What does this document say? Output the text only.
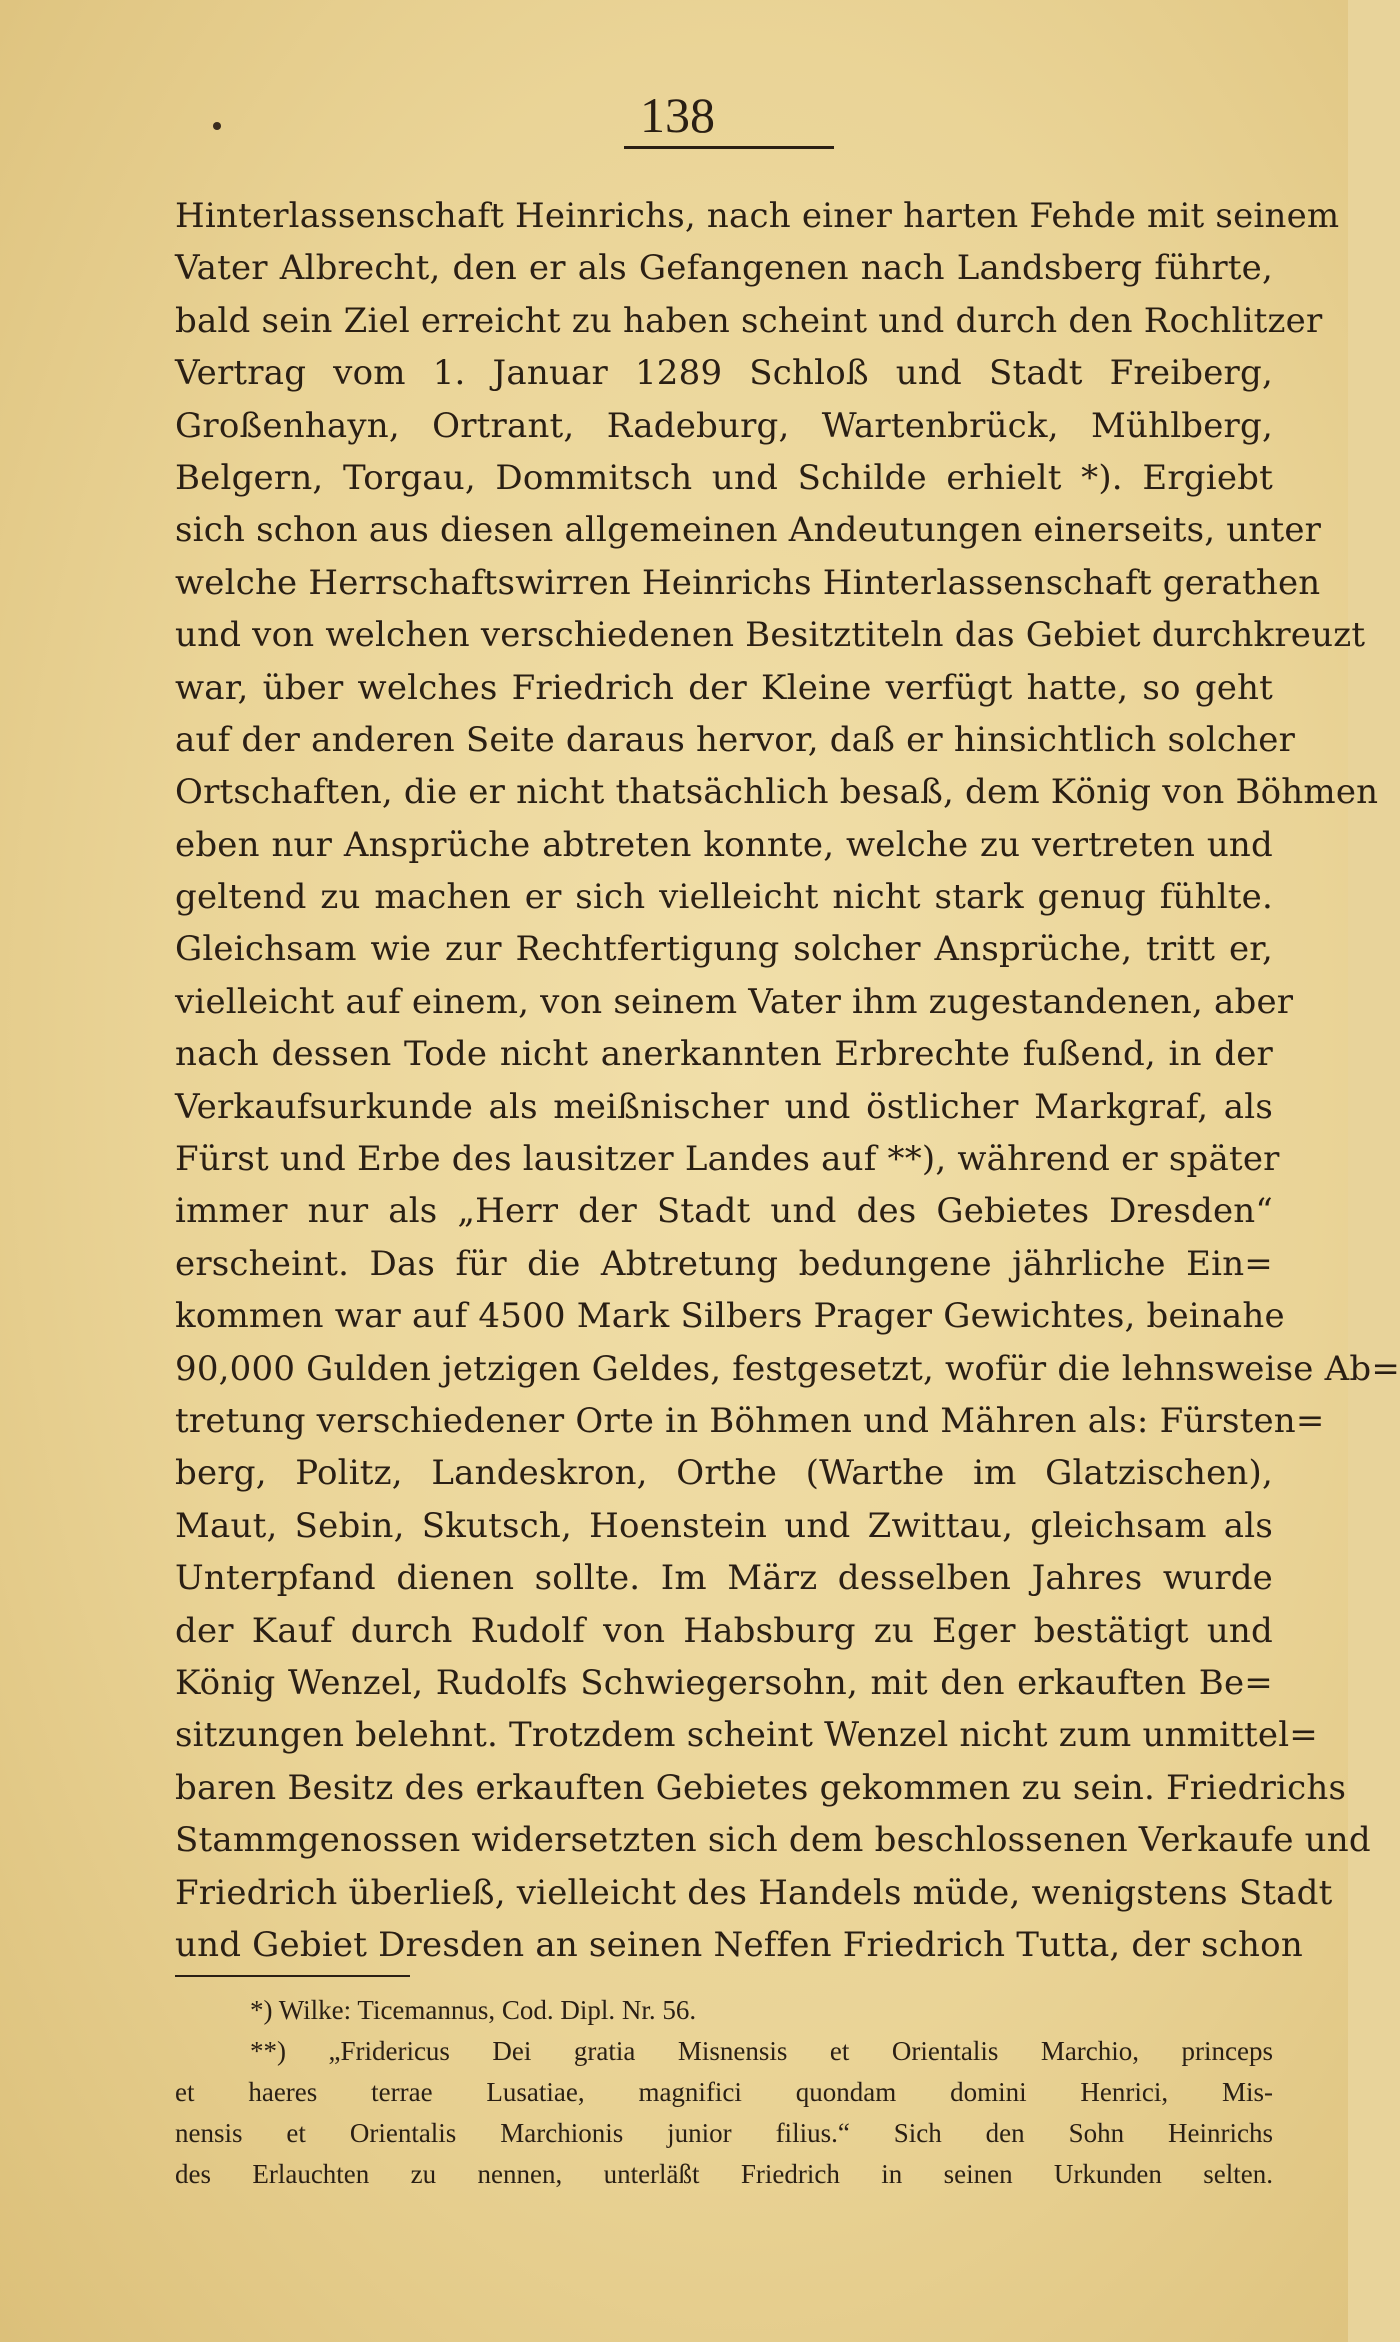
138
Hinterlassenschaft Heinrichs, nach einer harten Fehde mit seinem
Vater Albrecht, den er als Gefangenen nach Landsberg führte,
bald sein Ziel erreicht zu haben scheint und durch den Rochlitzer
Vertrag vom 1. Januar 1289 Schloß und Stadt Freiberg,
Großenhayn, Ortrant, Radeburg, Wartenbrück, Mühlberg,
Belgern, Torgau, Dommitsch und Schilde erhielt *). Ergiebt
sich schon aus diesen allgemeinen Andeutungen einerseits, unter
welche Herrschaftswirren Heinrichs Hinterlassenschaft gerathen
und von welchen verschiedenen Besitztiteln das Gebiet durchkreuzt
war, über welches Friedrich der Kleine verfügt hatte, so geht
auf der anderen Seite daraus hervor, daß er hinsichtlich solcher
Ortschaften, die er nicht thatsächlich besaß, dem König von Böhmen
eben nur Ansprüche abtreten konnte, welche zu vertreten und
geltend zu machen er sich vielleicht nicht stark genug fühlte.
Gleichsam wie zur Rechtfertigung solcher Ansprüche, tritt er,
vielleicht auf einem, von seinem Vater ihm zugestandenen, aber
nach dessen Tode nicht anerkannten Erbrechte fußend, in der
Verkaufsurkunde als meißnischer und östlicher Markgraf, als
Fürst und Erbe des lausitzer Landes auf **), während er später
immer nur als „Herr der Stadt und des Gebietes Dresden“
erscheint. Das für die Abtretung bedungene jährliche Ein=
kommen war auf 4500 Mark Silbers Prager Gewichtes, beinahe
90,000 Gulden jetzigen Geldes, festgesetzt, wofür die lehnsweise Ab=
tretung verschiedener Orte in Böhmen und Mähren als: Fürsten=
berg, Politz, Landeskron, Orthe (Warthe im Glatzischen),
Maut, Sebin, Skutsch, Hoenstein und Zwittau, gleichsam als
Unterpfand dienen sollte. Im März desselben Jahres wurde
der Kauf durch Rudolf von Habsburg zu Eger bestätigt und
König Wenzel, Rudolfs Schwiegersohn, mit den erkauften Be=
sitzungen belehnt. Trotzdem scheint Wenzel nicht zum unmittel=
baren Besitz des erkauften Gebietes gekommen zu sein. Friedrichs
Stammgenossen widersetzten sich dem beschlossenen Verkaufe und
Friedrich überließ, vielleicht des Handels müde, wenigstens Stadt
und Gebiet Dresden an seinen Neffen Friedrich Tutta, der schon
*) Wilke: Ticemannus, Cod. Dipl. Nr. 56.
**) „Fridericus Dei gratia Misnensis et Orientalis Marchio, princeps
et haeres terrae Lusatiae, magnifici quondam domini Henrici, Mis-
nensis et Orientalis Marchionis junior filius.“ Sich den Sohn Heinrichs
des Erlauchten zu nennen, unterläßt Friedrich in seinen Urkunden selten.
